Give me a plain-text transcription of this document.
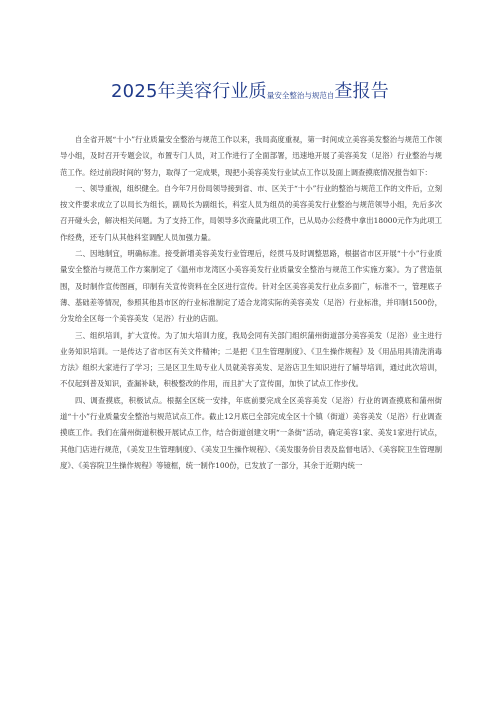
2025年美容行业质量安全整治与规范自查报告

自全省开展“十小”行业质量安全整治与规范工作以来，我局高度重视，第一时间成立美容美发整治与规范工作领导小组，及时召开专题会议，布置专门人员，对工作进行了全面部署，迅速地开展了美容美发（足浴）行业整治与规范工作。经过前段时间的’努力，取得了一定成果，现把小美容美发行业试点工作以及面上调查摸底情况报告如下：

一、领导重视，组织健全。自今年7月份局领导接到省、市、区关于“十小”行业的整治与规范工作的文件后，立刻按文件要求成立了以局长为组长，副局长为副组长，科室人员为组员的美容美发行业整治与规范领导小组，先后多次召开碰头会，解决相关问题。为了支持工作，局领导多次商量此项工作，已从局办公经费中拿出18000元作为此项工作经费，还专门从其他科室调配人员加强力量。

二、因地制宜，明确标准。接受新增美容美发行业管理后，经贯马及时调整思路，根据省市区开展“十小”行业质量安全整治与规范工作方案制定了《温州市龙湾区小美容美发行业质量安全整治与规范工作实施方案》。为了营造氛围，及时制作宣传图画，印制有关宣传资料在全区进行宣传。针对全区美容美发行业点多面广，标准不一，管理底子薄、基础差等情况，参照其他县市区的行业标准制定了适合龙湾实际的美容美发（足浴）行业标准，并印制1500份，分发给全区每一个美容美发（足浴）行业的店面。

三、组织培训，扩大宣传。为了加大培训力度，我局会同有关部门组织蒲州街道部分美容美发（足浴）业主进行业务知识培训。一是传达了省市区有关文件精神；二是把《卫生管理制度》、《卫生操作规程》及《用品用具清洗消毒方法》组织大家进行了学习；三是区卫生局专业人员就美容美发、足浴店卫生知识进行了辅导培训，通过此次培训，不仅起到普及知识，查漏补缺，积极整改的作用，而且扩大了宣传面，加快了试点工作步伐。

四、调查摸底，积极试点。根据全区统一安排，年底前要完成全区美容美发（足浴）行业的调查摸底和蒲州街道“十小”行业质量安全整治与规范试点工作。截止12月底已全部完成全区十个镇（街道）美容美发（足浴）行业调查摸底工作。我们在蒲州街道积极开展试点工作，结合街道创建文明“一条街”活动，确定美容1家、美发1家进行试点，其他门店进行规范，《美发卫生管理制度》、《美发卫生操作规程》、《美发服务价目表及监督电话》、《美容院卫生管理制度》、《美容院卫生操作规程》等镜框，统一制作100份，已发放了一部分，其余于近期内统一
